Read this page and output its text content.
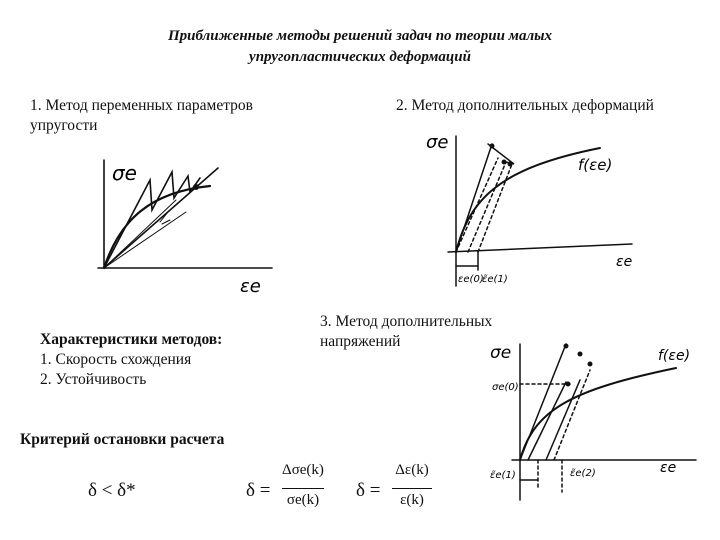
Приближенные методы решений задач по теории малых
упругопластических деформаций
1. Метод переменных параметров
упругости
2. Метод дополнительных деформаций
3. Метод дополнительных
напряжений
Характеристики методов:
1. Скорость схождения
2. Устойчивость
Критерий остановки расчета
δ < δ*	δ =
Δσe(k)
σe(k) δ =
Δε(k)
ε(k)
σe
εe
σe
εe
f(εe)
εe(0)
ε̃e(1)
σe
σe(0)
εe
f(εe)
ε̃e(1)	ε̃e(2)
